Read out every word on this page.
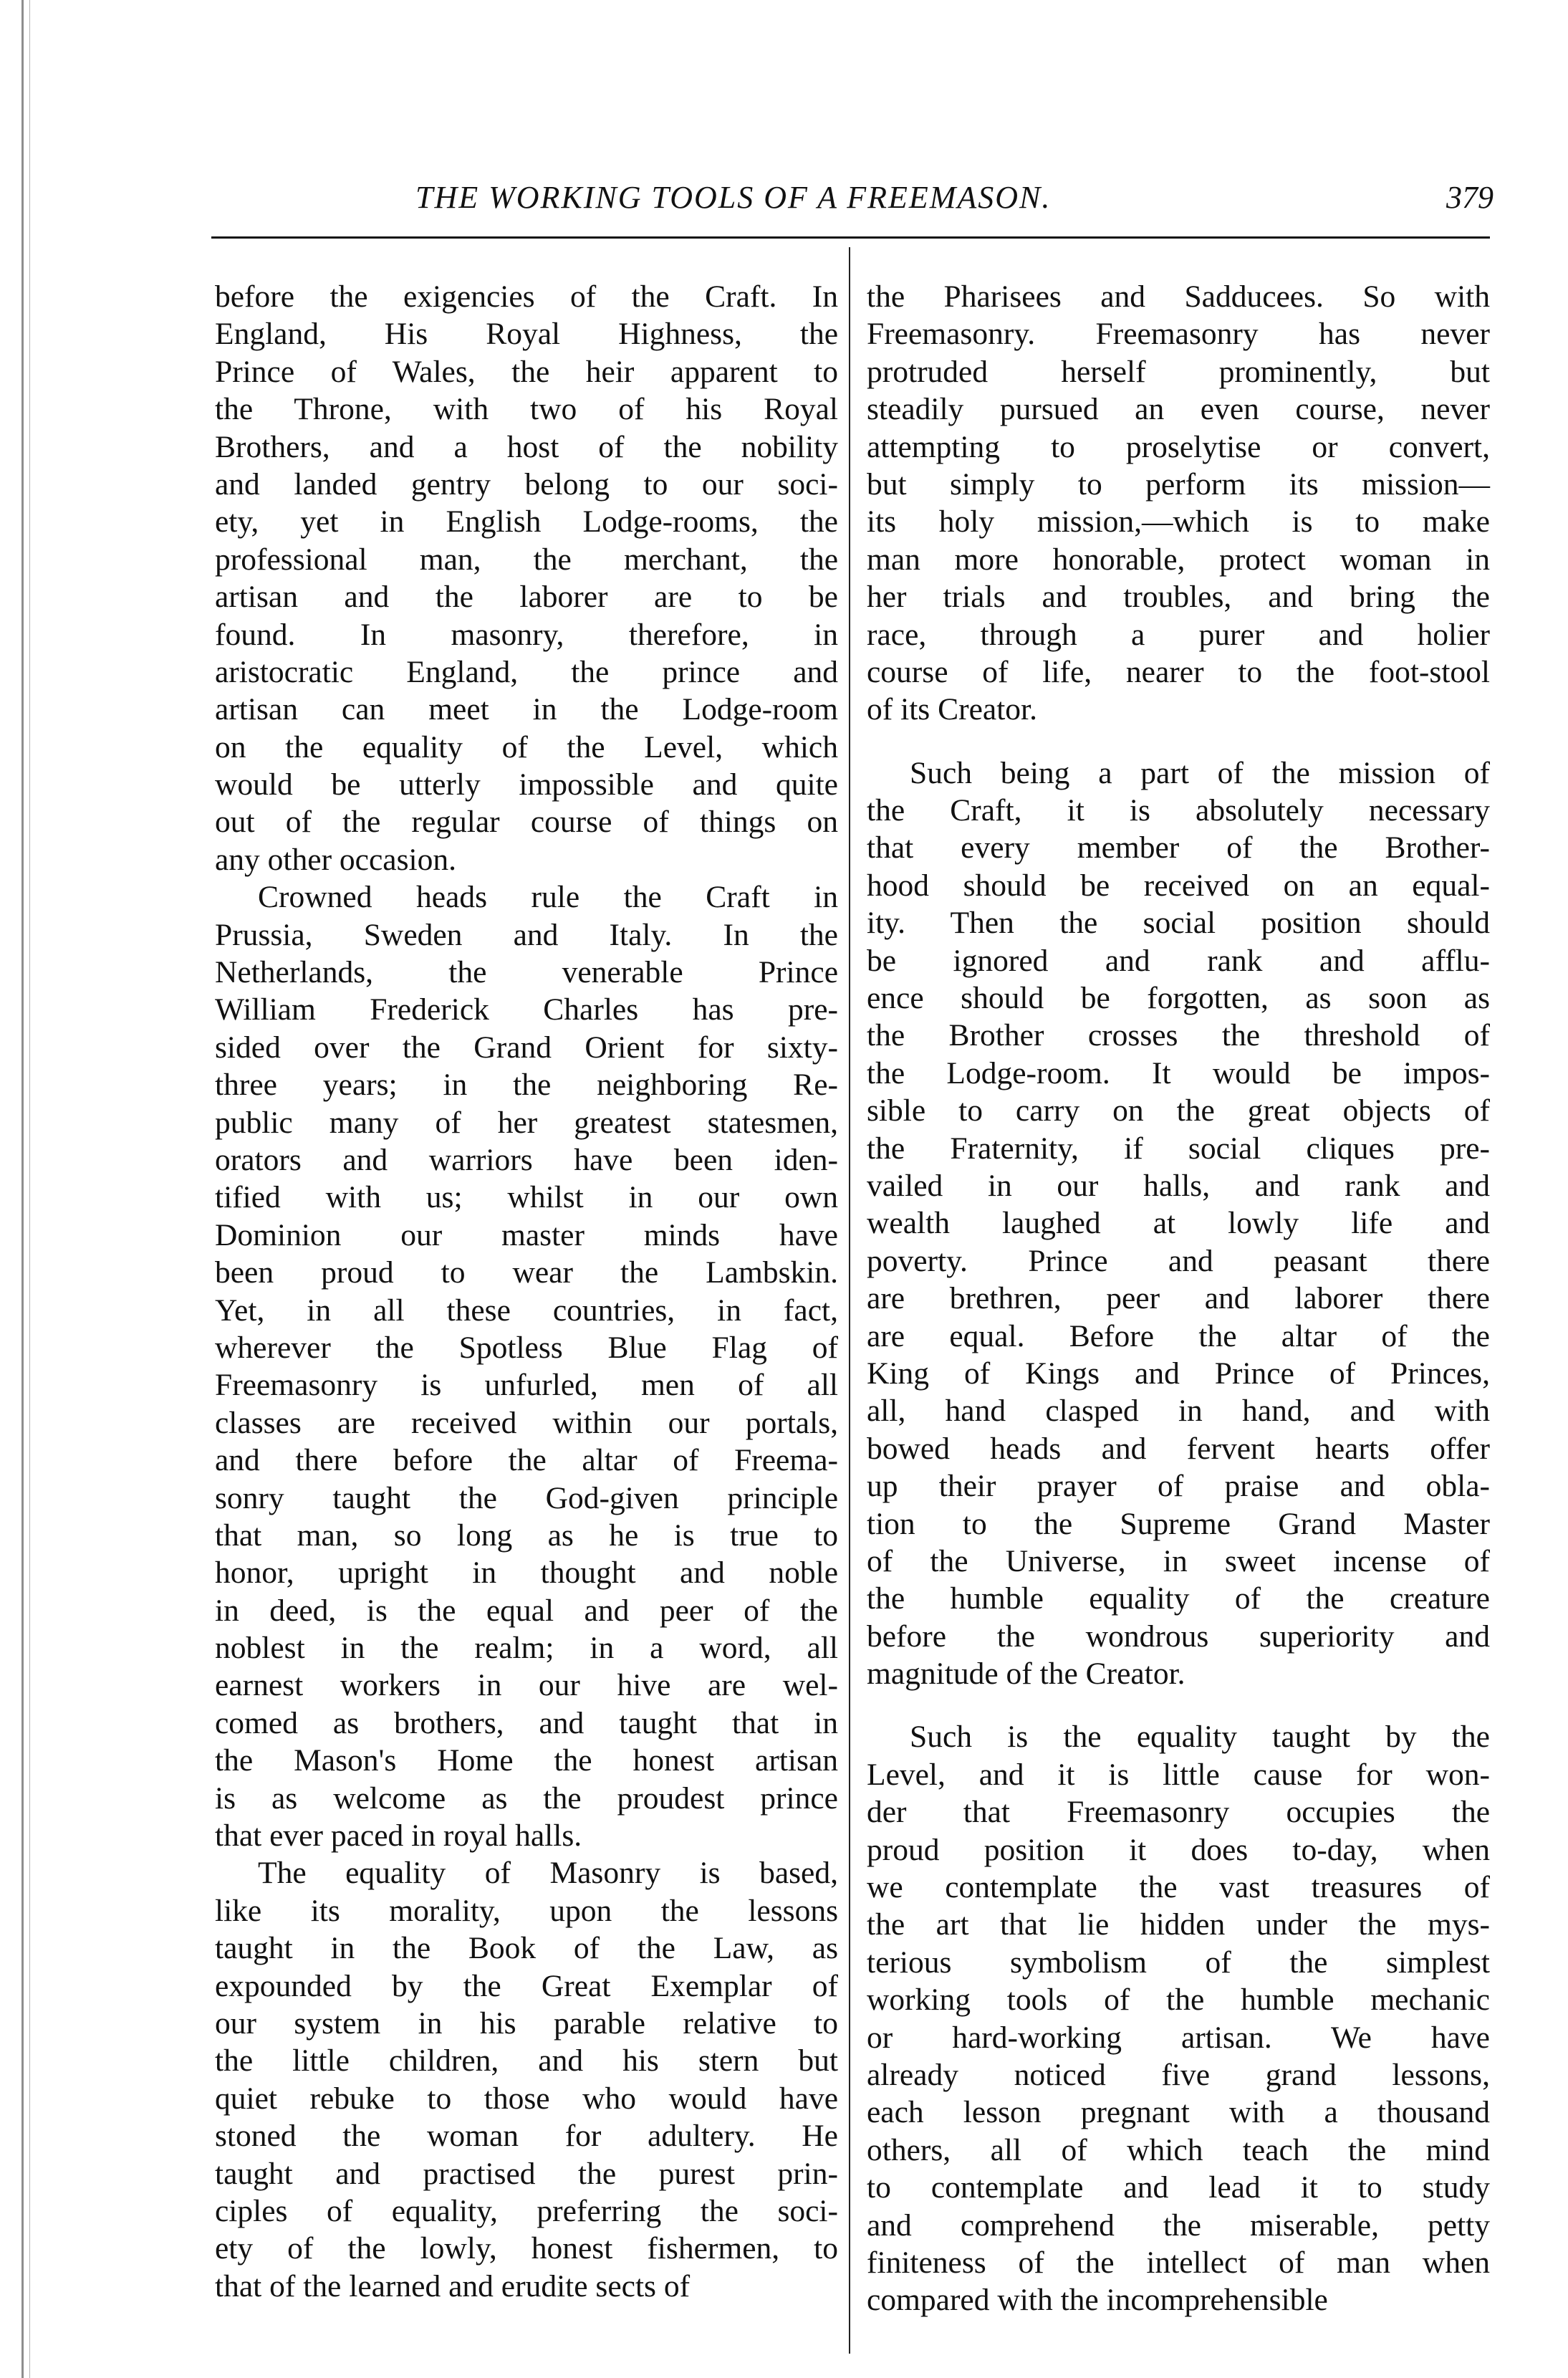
THE WORKING TOOLS OF A FREEMASON.	379
before the exigencies of the Craft. In
England, His Royal Highness, the
Prince of Wales, the heir apparent to
the Throne, with two of his Royal
Brothers, and a host of the nobility
and landed gentry belong to our soci-
ety, yet in English Lodge-rooms, the
professional man, the merchant, the
artisan and the laborer are to be
found. In masonry, therefore, in
aristocratic England, the prince and
artisan can meet in the Lodge-room
on the equality of the Level, which
would be utterly impossible and quite
out of the regular course of things on
any other occasion.
Crowned heads rule the Craft in
Prussia, Sweden and Italy. In the
Netherlands, the venerable Prince
William Frederick Charles has pre-
sided over the Grand Orient for sixty-
three years; in the neighboring Re-
public many of her greatest statesmen,
orators and warriors have been iden-
tified with us; whilst in our own
Dominion our master minds have
been proud to wear the Lambskin.
Yet, in all these countries, in fact,
wherever the Spotless Blue Flag of
Freemasonry is unfurled, men of all
classes are received within our portals,
and there before the altar of Freema-
sonry taught the God-given principle
that man, so long as he is true to
honor, upright in thought and noble
in deed, is the equal and peer of the
noblest in the realm; in a word, all
earnest workers in our hive are wel-
comed as brothers, and taught that in
the Mason's Home the honest artisan
is as welcome as the proudest prince
that ever paced in royal halls.
The equality of Masonry is based,
like its morality, upon the lessons
taught in the Book of the Law, as
expounded by the Great Exemplar of
our system in his parable relative to
the little children, and his stern but
quiet rebuke to those who would have
stoned the woman for adultery. He
taught and practised the purest prin-
ciples of equality, preferring the soci-
ety of the lowly, honest fishermen, to
that of the learned and erudite sects of
the Pharisees and Sadducees. So with
Freemasonry. Freemasonry has never
protruded herself prominently, but
steadily pursued an even course, never
attempting to proselytise or convert,
but simply to perform its mission—
its holy mission,—which is to make
man more honorable, protect woman in
her trials and troubles, and bring the
race, through a purer and holier
course of life, nearer to the foot-stool
of its Creator.
Such being a part of the mission of
the Craft, it is absolutely necessary
that every member of the Brother-
hood should be received on an equal-
ity. Then the social position should
be ignored and rank and afflu-
ence should be forgotten, as soon as
the Brother crosses the threshold of
the Lodge-room. It would be impos-
sible to carry on the great objects of
the Fraternity, if social cliques pre-
vailed in our halls, and rank and
wealth laughed at lowly life and
poverty. Prince and peasant there
are brethren, peer and laborer there
are equal. Before the altar of the
King of Kings and Prince of Princes,
all, hand clasped in hand, and with
bowed heads and fervent hearts offer
up their prayer of praise and obla-
tion to the Supreme Grand Master
of the Universe, in sweet incense of
the humble equality of the creature
before the wondrous superiority and
magnitude of the Creator.
Such is the equality taught by the
Level, and it is little cause for won-
der that Freemasonry occupies the
proud position it does to-day, when
we contemplate the vast treasures of
the art that lie hidden under the mys-
terious symbolism of the simplest
working tools of the humble mechanic
or hard-working artisan. We have
already noticed five grand lessons,
each lesson pregnant with a thousand
others, all of which teach the mind
to contemplate and lead it to study
and comprehend the miserable, petty
finiteness of the intellect of man when
compared with the incomprehensible
